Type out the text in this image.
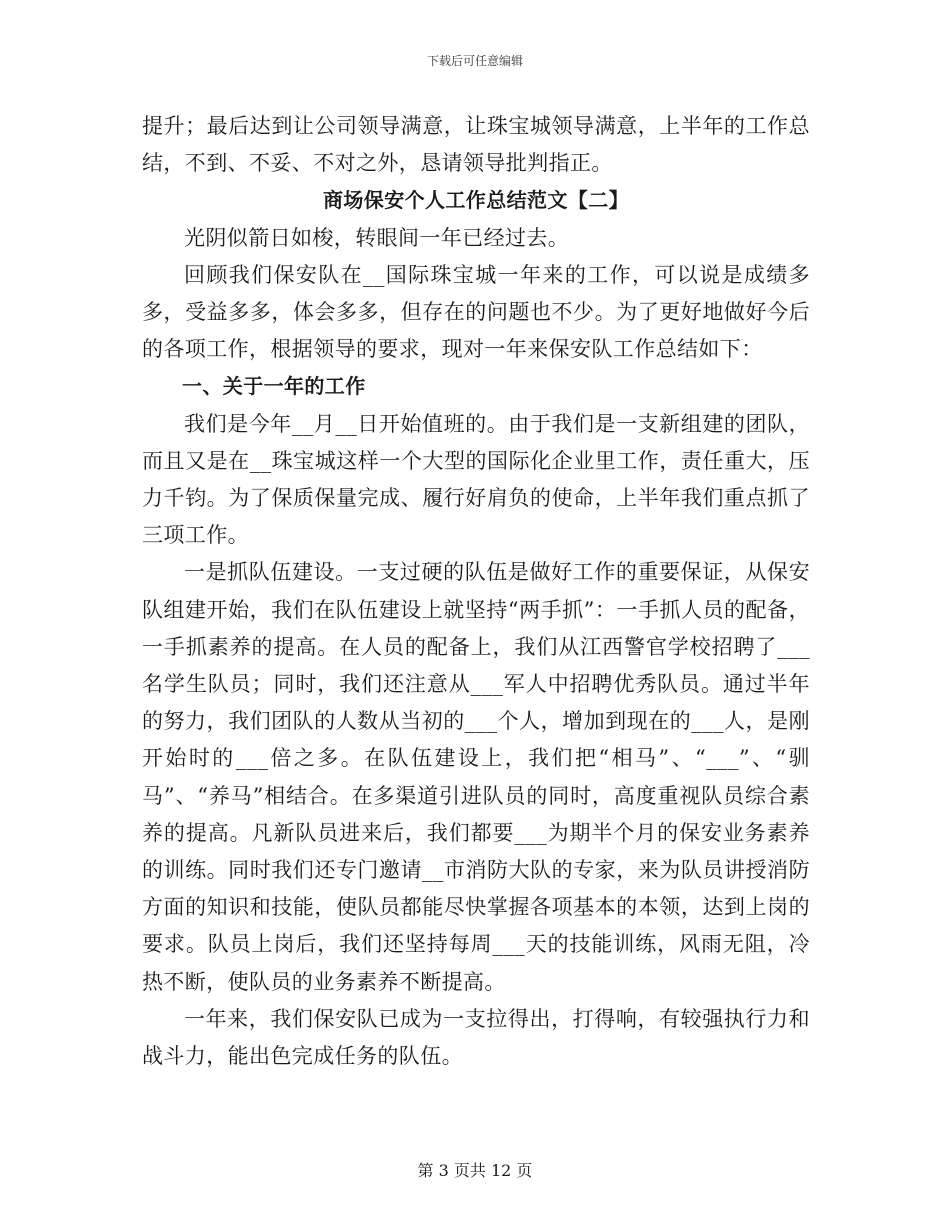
下载后可任意编辑

提升；最后达到让公司领导满意，让珠宝城领导满意，上半年的工作总结，不到、不妥、不对之外，恳请领导批判指正。

商场保安个人工作总结范文【二】

光阴似箭日如梭，转眼间一年已经过去。

回顾我们保安队在__国际珠宝城一年来的工作，可以说是成绩多多，受益多多，体会多多，但存在的问题也不少。为了更好地做好今后的各项工作，根据领导的要求，现对一年来保安队工作总结如下：

一、关于一年的工作

我们是今年__月__日开始值班的。由于我们是一支新组建的团队，而且又是在__珠宝城这样一个大型的国际化企业里工作，责任重大，压力千钧。为了保质保量完成、履行好肩负的使命，上半年我们重点抓了三项工作。

一是抓队伍建设。一支过硬的队伍是做好工作的重要保证，从保安队组建开始，我们在队伍建设上就坚持“两手抓”：一手抓人员的配备，一手抓素养的提高。在人员的配备上，我们从江西警官学校招聘了___名学生队员；同时，我们还注意从___军人中招聘优秀队员。通过半年的努力，我们团队的人数从当初的___个人，增加到现在的___人，是刚开始时的___倍之多。在队伍建设上，我们把“相马”、“___”、“驯马”、“养马”相结合。在多渠道引进队员的同时，高度重视队员综合素养的提高。凡新队员进来后，我们都要___为期半个月的保安业务素养的训练。同时我们还专门邀请__市消防大队的专家，来为队员讲授消防方面的知识和技能，使队员都能尽快掌握各项基本的本领，达到上岗的要求。队员上岗后，我们还坚持每周___天的技能训练，风雨无阻，冷热不断，使队员的业务素养不断提高。

一年来，我们保安队已成为一支拉得出，打得响，有较强执行力和战斗力，能出色完成任务的队伍。

第 3 页共 12 页
